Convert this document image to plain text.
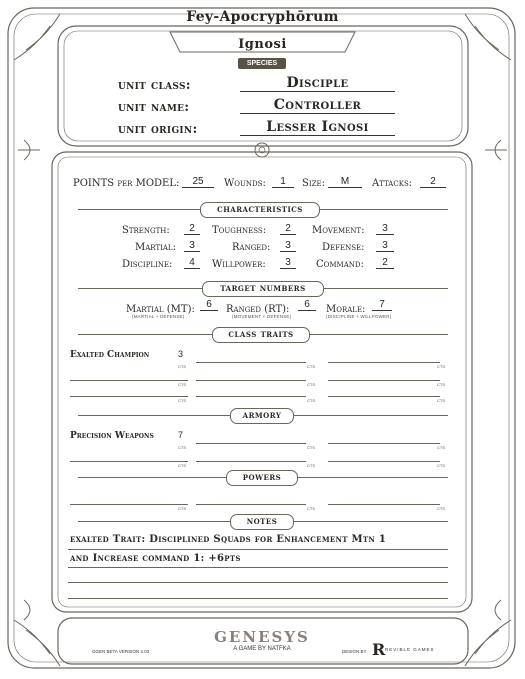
Fey-Apocryphōrum
Ignosi
SPECIES
unit class:	Disciple
unit name:	Controller
unit origin:	Lesser Ignosi
POINTS per MODEL:	25	Wounds:	1	Size:	M	Attacks:	2
characteristics
Strength:	2	Toughness:	2	Movement:	3
Martial:	3	Ranged:	3	Defense:	3
Discipline:	4	Willpower:	3	Command:	2
target numbers
Martial (MT):	6
(MARTIAL + DEFENSE)
Ranged (RT):	6
(MOVEMENT + DEFENSE)
Morale:	7
(DISCIPLINE + WILLPOWER)
class traits
Exalted Champion	3
CTS	CTS	CTS
CTS	CTS	CTS
CTS	CTS	CTS
armory
Precision Weapons	7
CTS	CTS	CTS
CTS	CTS	CTS
powers
CTS	CTS	CTS
notes
exalted Trait: Disciplined Squads for Enhancement Mtn 1
and Increase command 1: +6pts
GENESYS
A GAME BY NATFKA
OGEN BETA VERSION 4.03	DESIGN BY R REVIBLE GAMES
